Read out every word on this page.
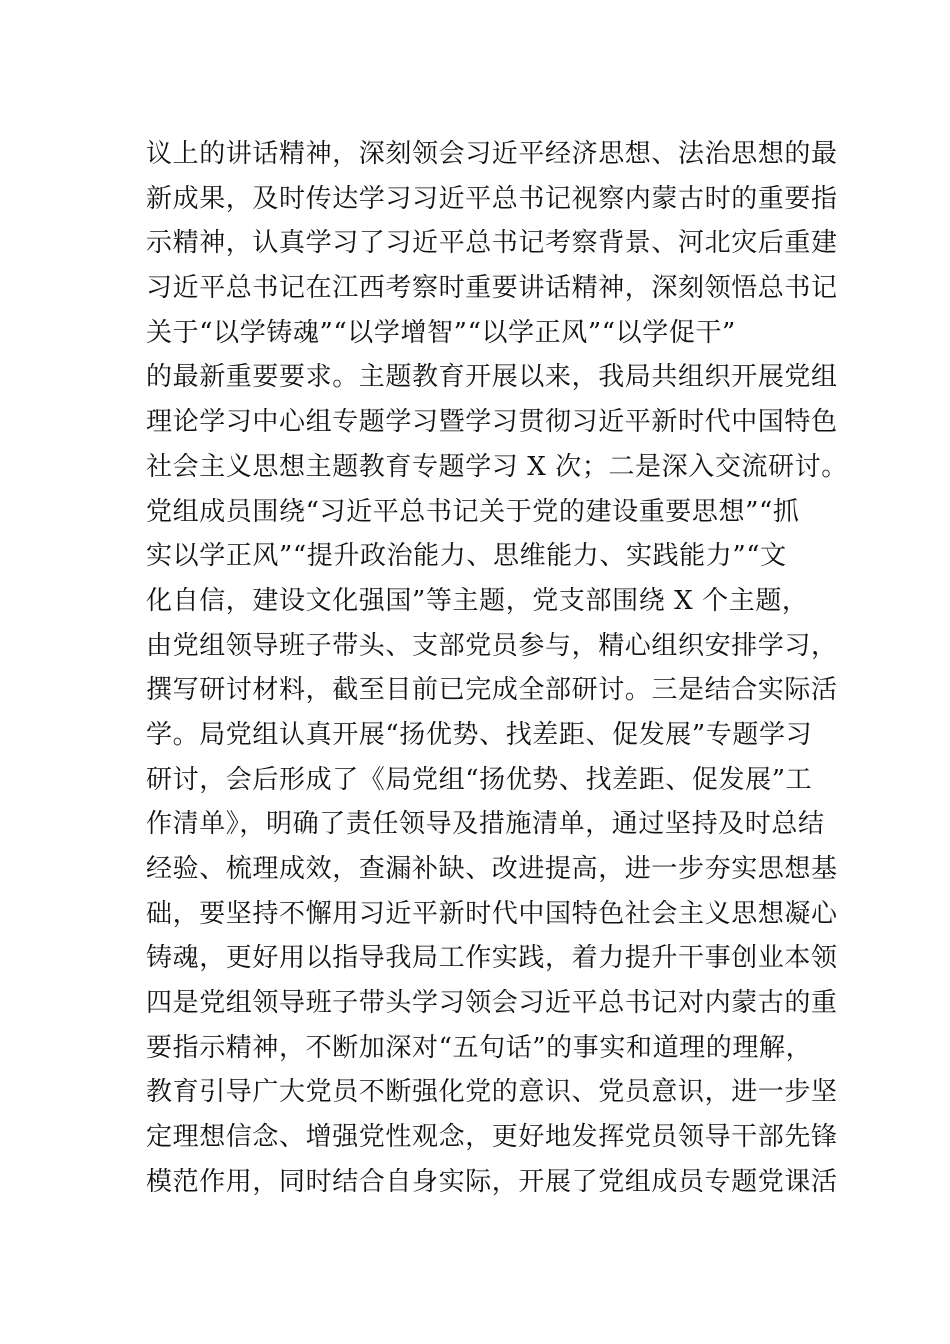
议上的讲话精神，深刻领会习近平经济思想、法治思想的最
新成果，及时传达学习习近平总书记视察内蒙古时的重要指
示精神，认真学习了习近平总书记考察背景、河北灾后重建
习近平总书记在江西考察时重要讲话精神，深刻领悟总书记
关于“以学铸魂”“以学增智”“以学正风”“以学促干”
的最新重要要求。主题教育开展以来，我局共组织开展党组
理论学习中心组专题学习暨学习贯彻习近平新时代中国特色
社会主义思想主题教育专题学习 X 次；二是深入交流研讨。
党组成员围绕“习近平总书记关于党的建设重要思想”“抓
实以学正风”“提升政治能力、思维能力、实践能力”“文
化自信，建设文化强国”等主题，党支部围绕 X 个主题，
由党组领导班子带头、支部党员参与，精心组织安排学习，
撰写研讨材料，截至目前已完成全部研讨。三是结合实际活
学。局党组认真开展“扬优势、找差距、促发展”专题学习
研讨，会后形成了《局党组“扬优势、找差距、促发展”工
作清单》，明确了责任领导及措施清单，通过坚持及时总结
经验、梳理成效，查漏补缺、改进提高，进一步夯实思想基
础，要坚持不懈用习近平新时代中国特色社会主义思想凝心
铸魂，更好用以指导我局工作实践，着力提升干事创业本领
四是党组领导班子带头学习领会习近平总书记对内蒙古的重
要指示精神，不断加深对“五句话”的事实和道理的理解，
教育引导广大党员不断强化党的意识、党员意识，进一步坚
定理想信念、增强党性观念，更好地发挥党员领导干部先锋
模范作用，同时结合自身实际，开展了党组成员专题党课活
